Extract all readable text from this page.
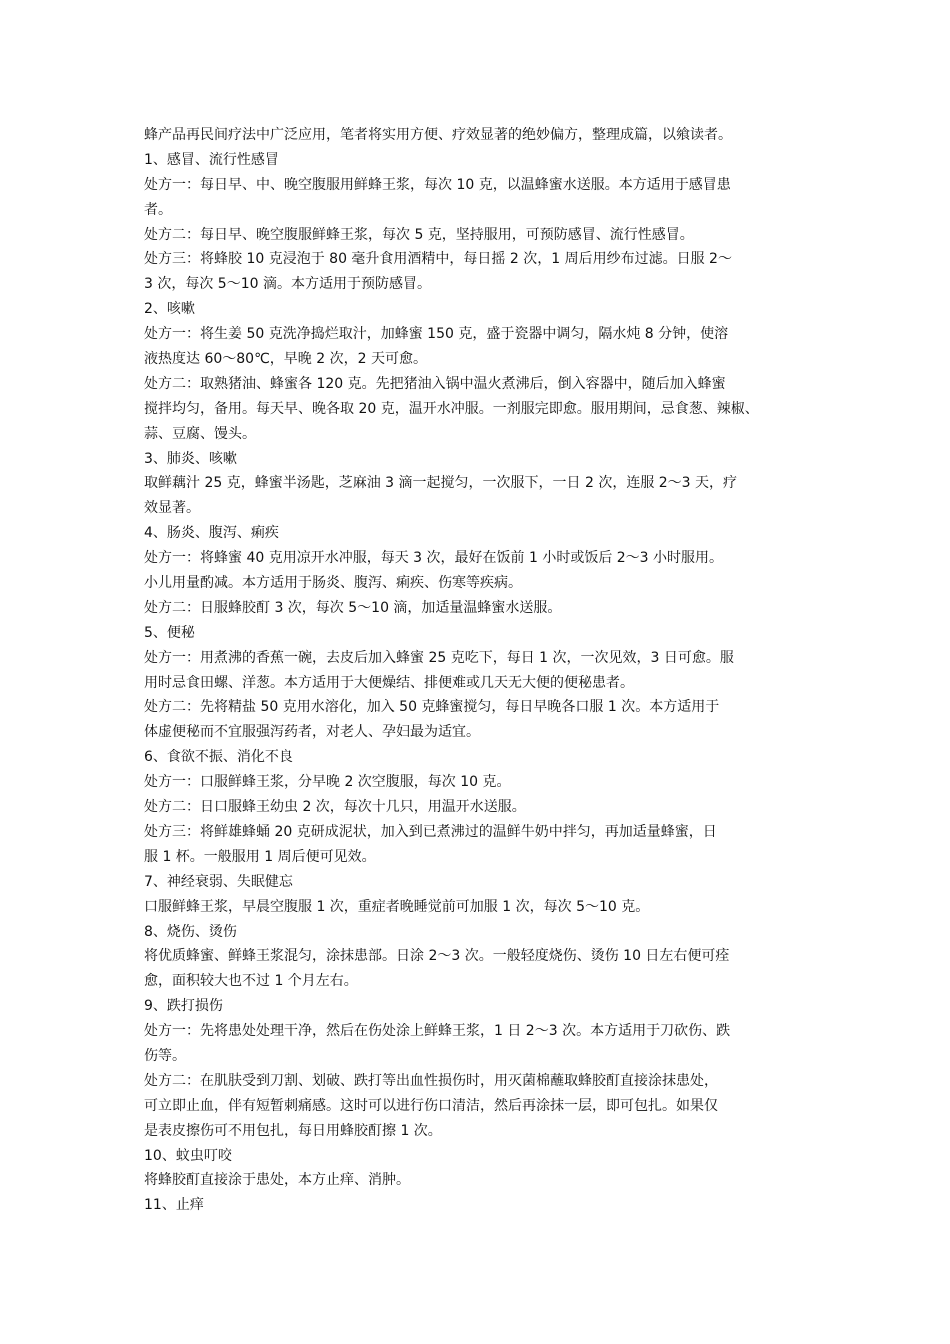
蜂产品再民间疗法中广泛应用，笔者将实用方便、疗效显著的绝妙偏方，整理成篇，以飨读者。
1、感冒、流行性感冒
处方一：每日早、中、晚空腹服用鲜蜂王浆，每次 10 克，以温蜂蜜水送服。本方适用于感冒患
者。
处方二：每日早、晚空腹服鲜蜂王浆，每次 5 克，坚持服用，可预防感冒、流行性感冒。
处方三：将蜂胶 10 克浸泡于 80 毫升食用酒精中，每日摇 2 次，1 周后用纱布过滤。日服 2～
3 次，每次 5～10 滴。本方适用于预防感冒。
2、咳嗽
处方一：将生姜 50 克洗净捣烂取汁，加蜂蜜 150 克，盛于瓷器中调匀，隔水炖 8 分钟，使溶
液热度达 60～80℃，早晚 2 次，2 天可愈。
处方二：取熟猪油、蜂蜜各 120 克。先把猪油入锅中温火煮沸后，倒入容器中，随后加入蜂蜜
搅拌均匀，备用。每天早、晚各取 20 克，温开水冲服。一剂服完即愈。服用期间，忌食葱、辣椒、
蒜、豆腐、馒头。
3、肺炎、咳嗽
取鲜藕汁 25 克，蜂蜜半汤匙，芝麻油 3 滴一起搅匀，一次服下，一日 2 次，连服 2～3 天，疗
效显著。
4、肠炎、腹泻、痢疾
处方一：将蜂蜜 40 克用凉开水冲服，每天 3 次，最好在饭前 1 小时或饭后 2～3 小时服用。
小儿用量酌减。本方适用于肠炎、腹泻、痢疾、伤寒等疾病。
处方二：日服蜂胶酊 3 次，每次 5～10 滴，加适量温蜂蜜水送服。
5、便秘
处方一：用煮沸的香蕉一碗，去皮后加入蜂蜜 25 克吃下，每日 1 次，一次见效，3 日可愈。服
用时忌食田螺、洋葱。本方适用于大便燥结、排便难或几天无大便的便秘患者。
处方二：先将精盐 50 克用水溶化，加入 50 克蜂蜜搅匀，每日早晚各口服 1 次。本方适用于
体虚便秘而不宜服强泻药者，对老人、孕妇最为适宜。
6、食欲不振、消化不良
处方一：口服鲜蜂王浆，分早晚 2 次空腹服，每次 10 克。
处方二：日口服蜂王幼虫 2 次，每次十几只，用温开水送服。
处方三：将鲜雄蜂蛹 20 克研成泥状，加入到已煮沸过的温鲜牛奶中拌匀，再加适量蜂蜜，日
服 1 杯。一般服用 1 周后便可见效。
7、神经衰弱、失眠健忘
口服鲜蜂王浆，早晨空腹服 1 次，重症者晚睡觉前可加服 1 次，每次 5～10 克。
8、烧伤、烫伤
将优质蜂蜜、鲜蜂王浆混匀，涂抹患部。日涂 2～3 次。一般轻度烧伤、烫伤 10 日左右便可痊
愈，面积较大也不过 1 个月左右。
9、跌打损伤
处方一：先将患处处理干净，然后在伤处涂上鲜蜂王浆，1 日 2～3 次。本方适用于刀砍伤、跌
伤等。
处方二：在肌肤受到刀割、划破、跌打等出血性损伤时，用灭菌棉蘸取蜂胶酊直接涂抹患处，
可立即止血，伴有短暂刺痛感。这时可以进行伤口清洁，然后再涂抹一层，即可包扎。如果仅
是表皮擦伤可不用包扎，每日用蜂胶酊擦 1 次。
10、蚊虫叮咬
将蜂胶酊直接涂于患处，本方止痒、消肿。
11、止痒
